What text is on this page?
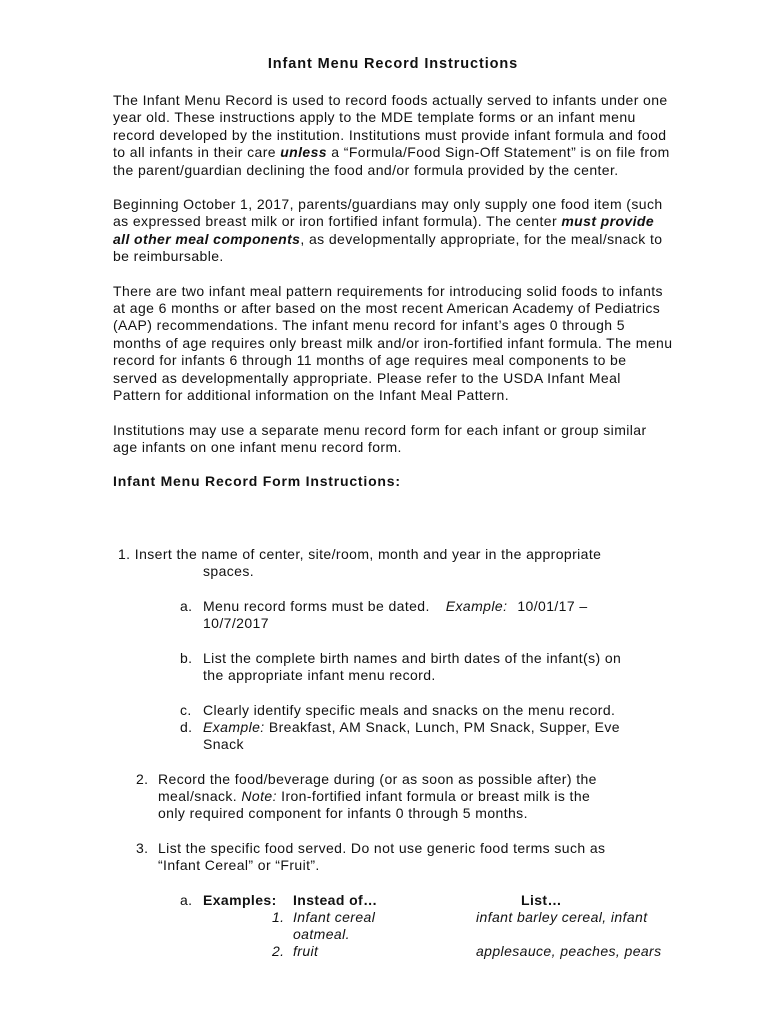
Infant Menu Record Instructions

The Infant Menu Record is used to record foods actually served to infants under one year old. These instructions apply to the MDE template forms or an infant menu record developed by the institution. Institutions must provide infant formula and food to all infants in their care unless a “Formula/Food Sign-Off Statement” is on file from the parent/guardian declining the food and/or formula provided by the center.

Beginning October 1, 2017, parents/guardians may only supply one food item (such as expressed breast milk or iron fortified infant formula). The center must provide all other meal components, as developmentally appropriate, for the meal/snack to be reimbursable.

There are two infant meal pattern requirements for introducing solid foods to infants at age 6 months or after based on the most recent American Academy of Pediatrics (AAP) recommendations. The infant menu record for infant’s ages 0 through 5 months of age requires only breast milk and/or iron-fortified infant formula. The menu record for infants 6 through 11 months of age requires meal components to be served as developmentally appropriate. Please refer to the USDA Infant Meal Pattern for additional information on the Infant Meal Pattern.

Institutions may use a separate menu record form for each infant or group similar age infants on one infant menu record form.

Infant Menu Record Form Instructions:
1. Insert the name of center, site/room, month and year in the appropriate
spaces.
a. Menu record forms must be dated. Example: 10/01/17 –
10/7/2017
b. List the complete birth names and birth dates of the infant(s) on
the appropriate infant menu record.
c. Clearly identify specific meals and snacks on the menu record.
d. Example: Breakfast, AM Snack, Lunch, PM Snack, Supper, Eve
Snack
2. Record the food/beverage during (or as soon as possible after) the
meal/snack. Note: Iron-fortified infant formula or breast milk is the
only required component for infants 0 through 5 months.
3. List the specific food served. Do not use generic food terms such as
“Infant Cereal” or “Fruit”.
a. Examples: Instead of…	List…
1. Infant cereal	infant barley cereal, infant
oatmeal.
2. fruit	applesauce, peaches, pears
